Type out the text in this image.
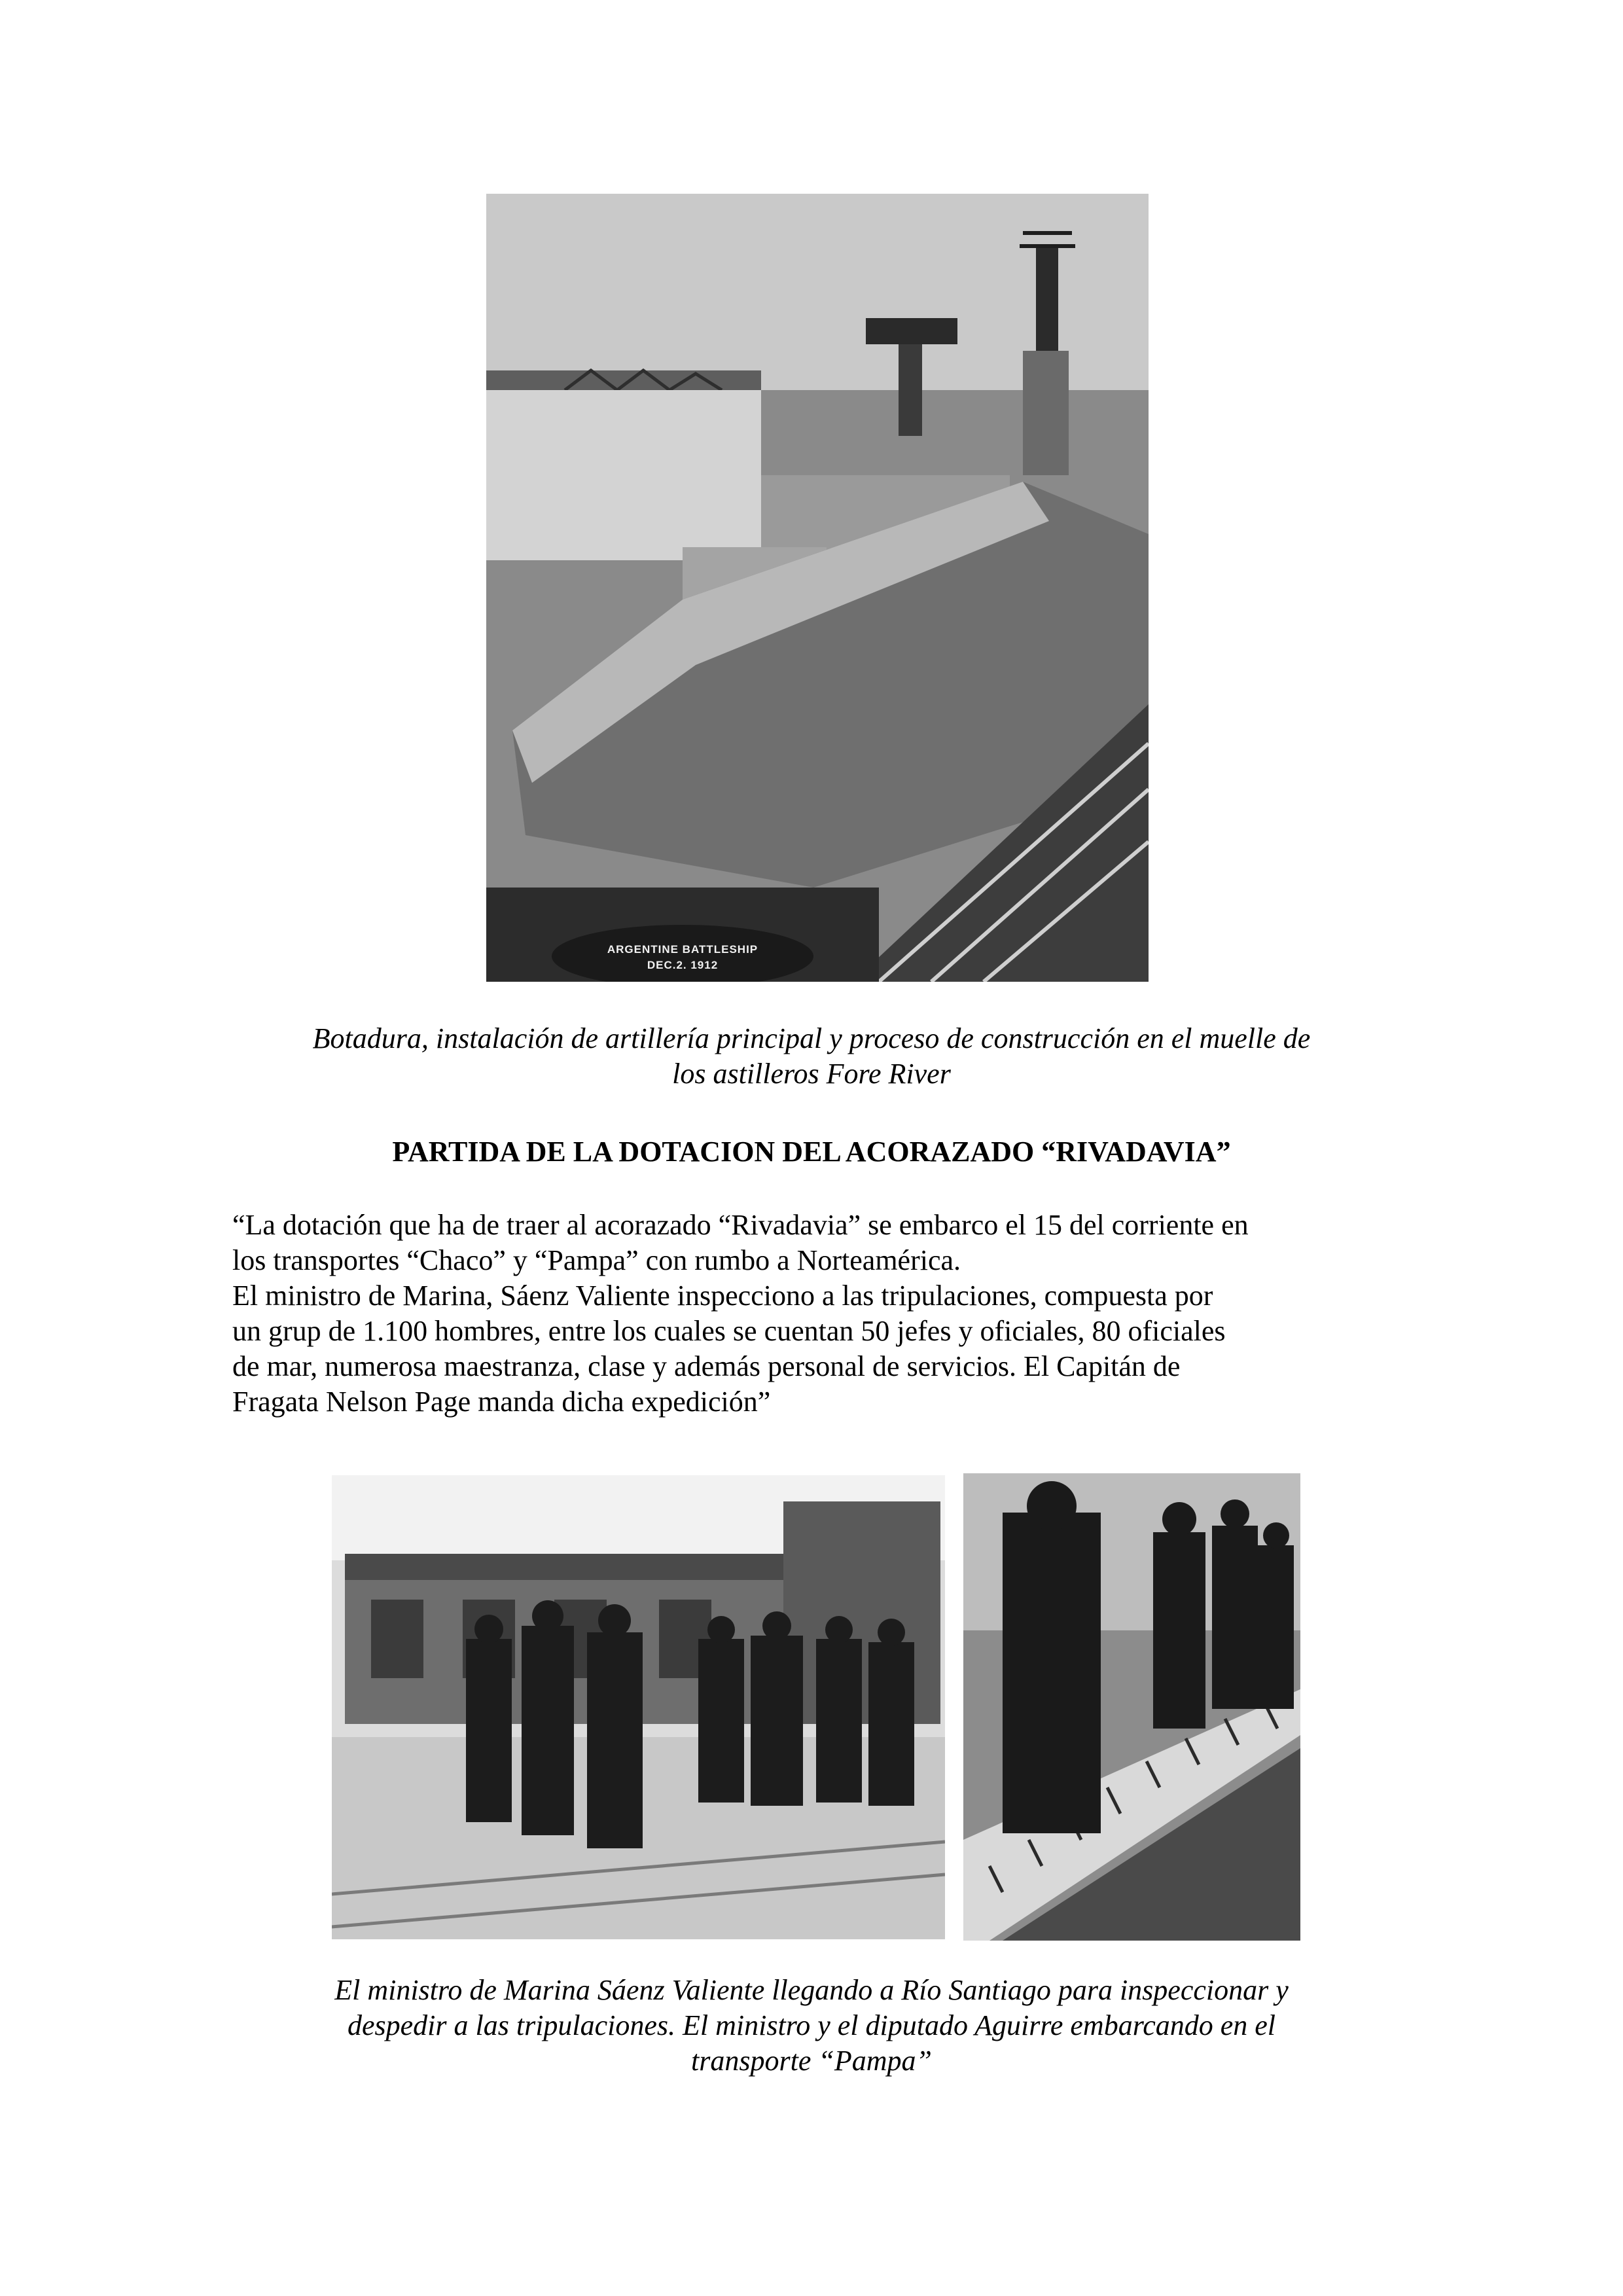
ARGENTINE BATTLESHIP
DEC.2. 1912

Botadura, instalación de artillería principal y proceso de construcción en el muelle de
los astilleros Fore River

PARTIDA DE LA DOTACION DEL ACORAZADO “RIVADAVIA”

“La dotación que ha de traer al acorazado “Rivadavia” se embarco el 15 del corriente en
los transportes “Chaco” y “Pampa” con rumbo a Norteamérica.
El ministro de Marina, Sáenz Valiente inspecciono a las tripulaciones, compuesta por
un grup de 1.100 hombres, entre los cuales se cuentan 50 jefes y oficiales, 80 oficiales
de mar, numerosa maestranza, clase y además personal de servicios. El Capitán de
Fragata Nelson Page manda dicha expedición”

El ministro de Marina Sáenz Valiente llegando a Río Santiago para inspeccionar y
despedir a las tripulaciones. El ministro y el diputado Aguirre embarcando en el
transporte “Pampa”
